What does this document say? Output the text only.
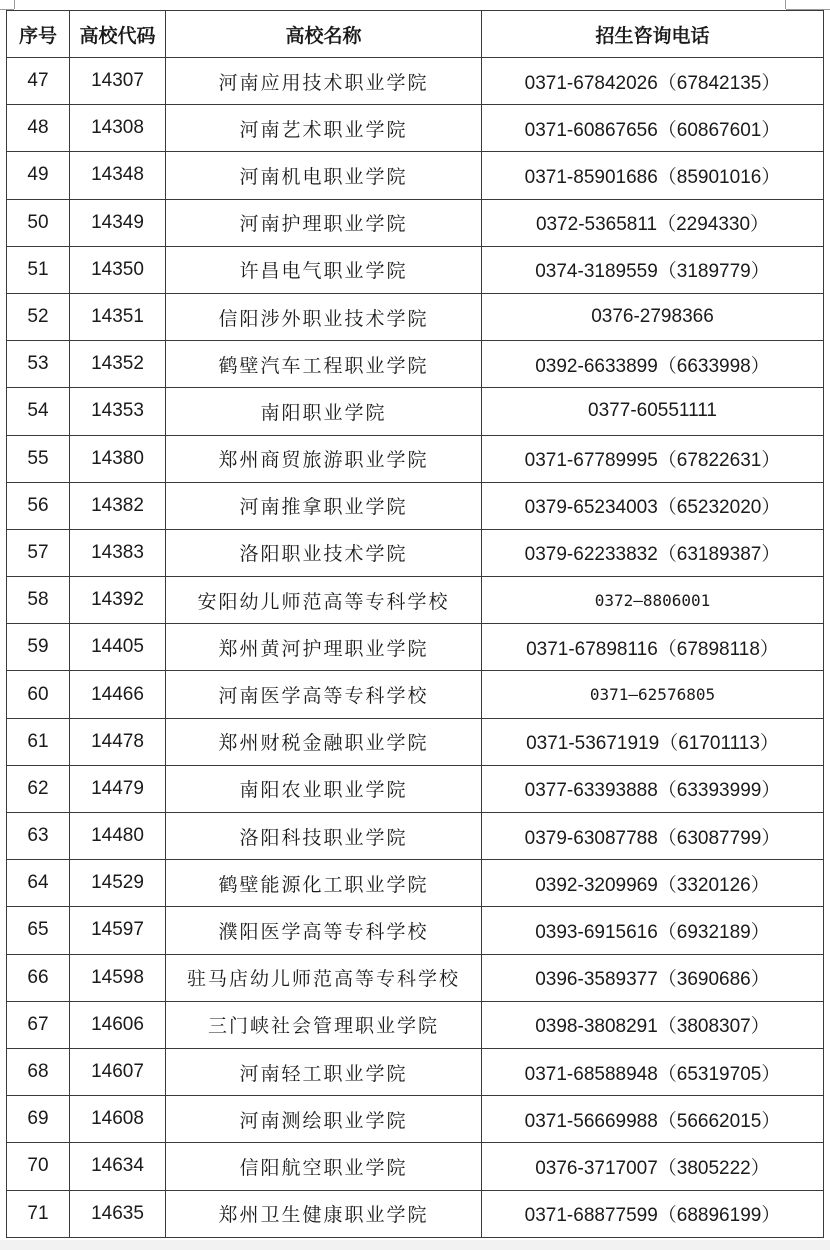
序号	高校代码	高校名称	招生咨询电话
47	14307	河南应用技术职业学院	0371-67842026（67842135）
48	14308	河南艺术职业学院	0371-60867656（60867601）
49	14348	河南机电职业学院	0371-85901686（85901016）
50	14349	河南护理职业学院	0372-5365811（2294330）
51	14350	许昌电气职业学院	0374-3189559（3189779）
52	14351	信阳涉外职业技术学院	0376-2798366
53	14352	鹤壁汽车工程职业学院	0392-6633899（6633998）
54	14353	南阳职业学院	0377-60551111
55	14380	郑州商贸旅游职业学院	0371-67789995（67822631）
56	14382	河南推拿职业学院	0379-65234003（65232020）
57	14383	洛阳职业技术学院	0379-62233832（63189387）
58	14392	安阳幼儿师范高等专科学校	0372—8806001
59	14405	郑州黄河护理职业学院	0371-67898116（67898118）
60	14466	河南医学高等专科学校	0371—62576805
61	14478	郑州财税金融职业学院	0371-53671919（61701113）
62	14479	南阳农业职业学院	0377-63393888（63393999）
63	14480	洛阳科技职业学院	0379-63087788（63087799）
64	14529	鹤壁能源化工职业学院	0392-3209969（3320126）
65	14597	濮阳医学高等专科学校	0393-6915616（6932189）
66	14598	驻马店幼儿师范高等专科学校	0396-3589377（3690686）
67	14606	三门峡社会管理职业学院	0398-3808291（3808307）
68	14607	河南轻工职业学院	0371-68588948（65319705）
69	14608	河南测绘职业学院	0371-56669988（56662015）
70	14634	信阳航空职业学院	0376-3717007（3805222）
71	14635	郑州卫生健康职业学院	0371-68877599（68896199）
